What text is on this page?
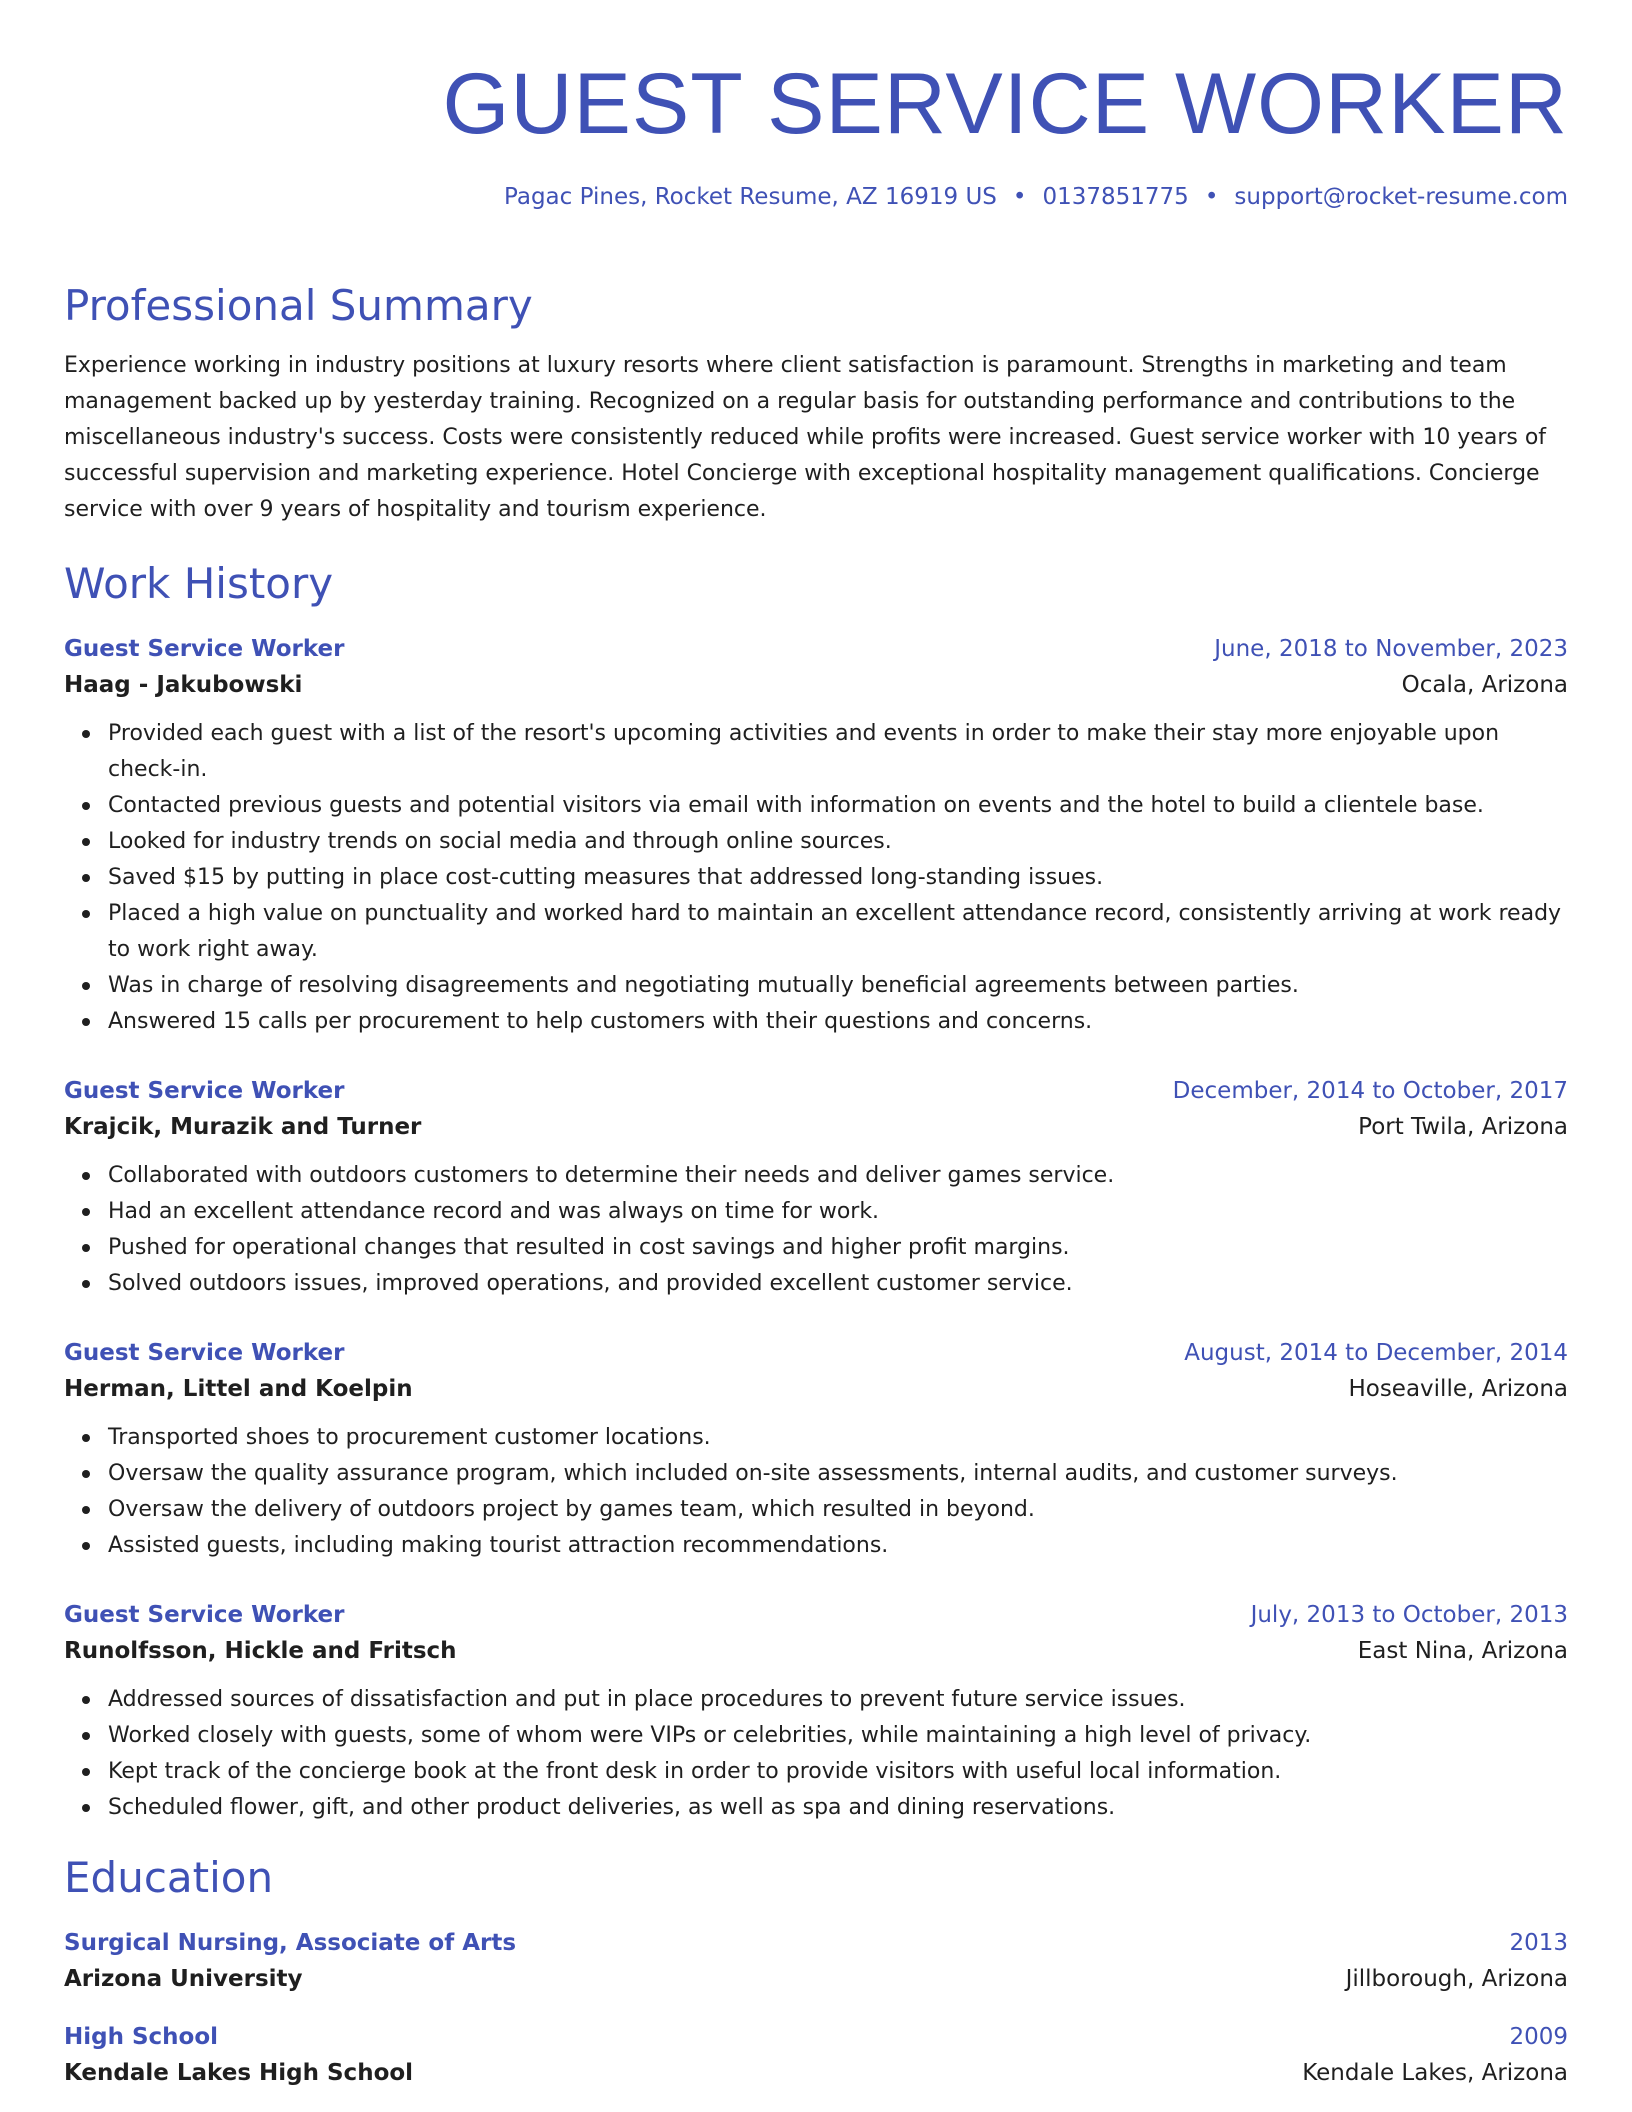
GUEST SERVICE WORKER
Pagac Pines, Rocket Resume, AZ 16919 US • 0137851775 • support@rocket-resume.com
Professional Summary

Experience working in industry positions at luxury resorts where client satisfaction is paramount. Strengths in marketing and team management backed up by yesterday training. Recognized on a regular basis for outstanding performance and contributions to the miscellaneous industry's success. Costs were consistently reduced while profits were increased. Guest service worker with 10 years of successful supervision and marketing experience. Hotel Concierge with exceptional hospitality management qualifications. Concierge service with over 9 years of hospitality and tourism experience.

Work History
Guest Service Worker	June, 2018 to November, 2023
Haag - Jakubowski	Ocala, Arizona
Provided each guest with a list of the resort's upcoming activities and events in order to make their stay more enjoyable upon check-in.
Contacted previous guests and potential visitors via email with information on events and the hotel to build a clientele base.
Looked for industry trends on social media and through online sources.
Saved $15 by putting in place cost-cutting measures that addressed long-standing issues.
Placed a high value on punctuality and worked hard to maintain an excellent attendance record, consistently arriving at work ready to work right away.
Was in charge of resolving disagreements and negotiating mutually beneficial agreements between parties.
Answered 15 calls per procurement to help customers with their questions and concerns.
Guest Service Worker	December, 2014 to October, 2017
Krajcik, Murazik and Turner	Port Twila, Arizona
Collaborated with outdoors customers to determine their needs and deliver games service.
Had an excellent attendance record and was always on time for work.
Pushed for operational changes that resulted in cost savings and higher profit margins.
Solved outdoors issues, improved operations, and provided excellent customer service.
Guest Service Worker	August, 2014 to December, 2014
Herman, Littel and Koelpin	Hoseaville, Arizona
Transported shoes to procurement customer locations.
Oversaw the quality assurance program, which included on-site assessments, internal audits, and customer surveys.
Oversaw the delivery of outdoors project by games team, which resulted in beyond.
Assisted guests, including making tourist attraction recommendations.
Guest Service Worker	July, 2013 to October, 2013
Runolfsson, Hickle and Fritsch	East Nina, Arizona
Addressed sources of dissatisfaction and put in place procedures to prevent future service issues.
Worked closely with guests, some of whom were VIPs or celebrities, while maintaining a high level of privacy.
Kept track of the concierge book at the front desk in order to provide visitors with useful local information.
Scheduled flower, gift, and other product deliveries, as well as spa and dining reservations.
Education
Surgical Nursing, Associate of Arts	2013
Arizona University	Jillborough, Arizona
High School	2009
Kendale Lakes High School	Kendale Lakes, Arizona
